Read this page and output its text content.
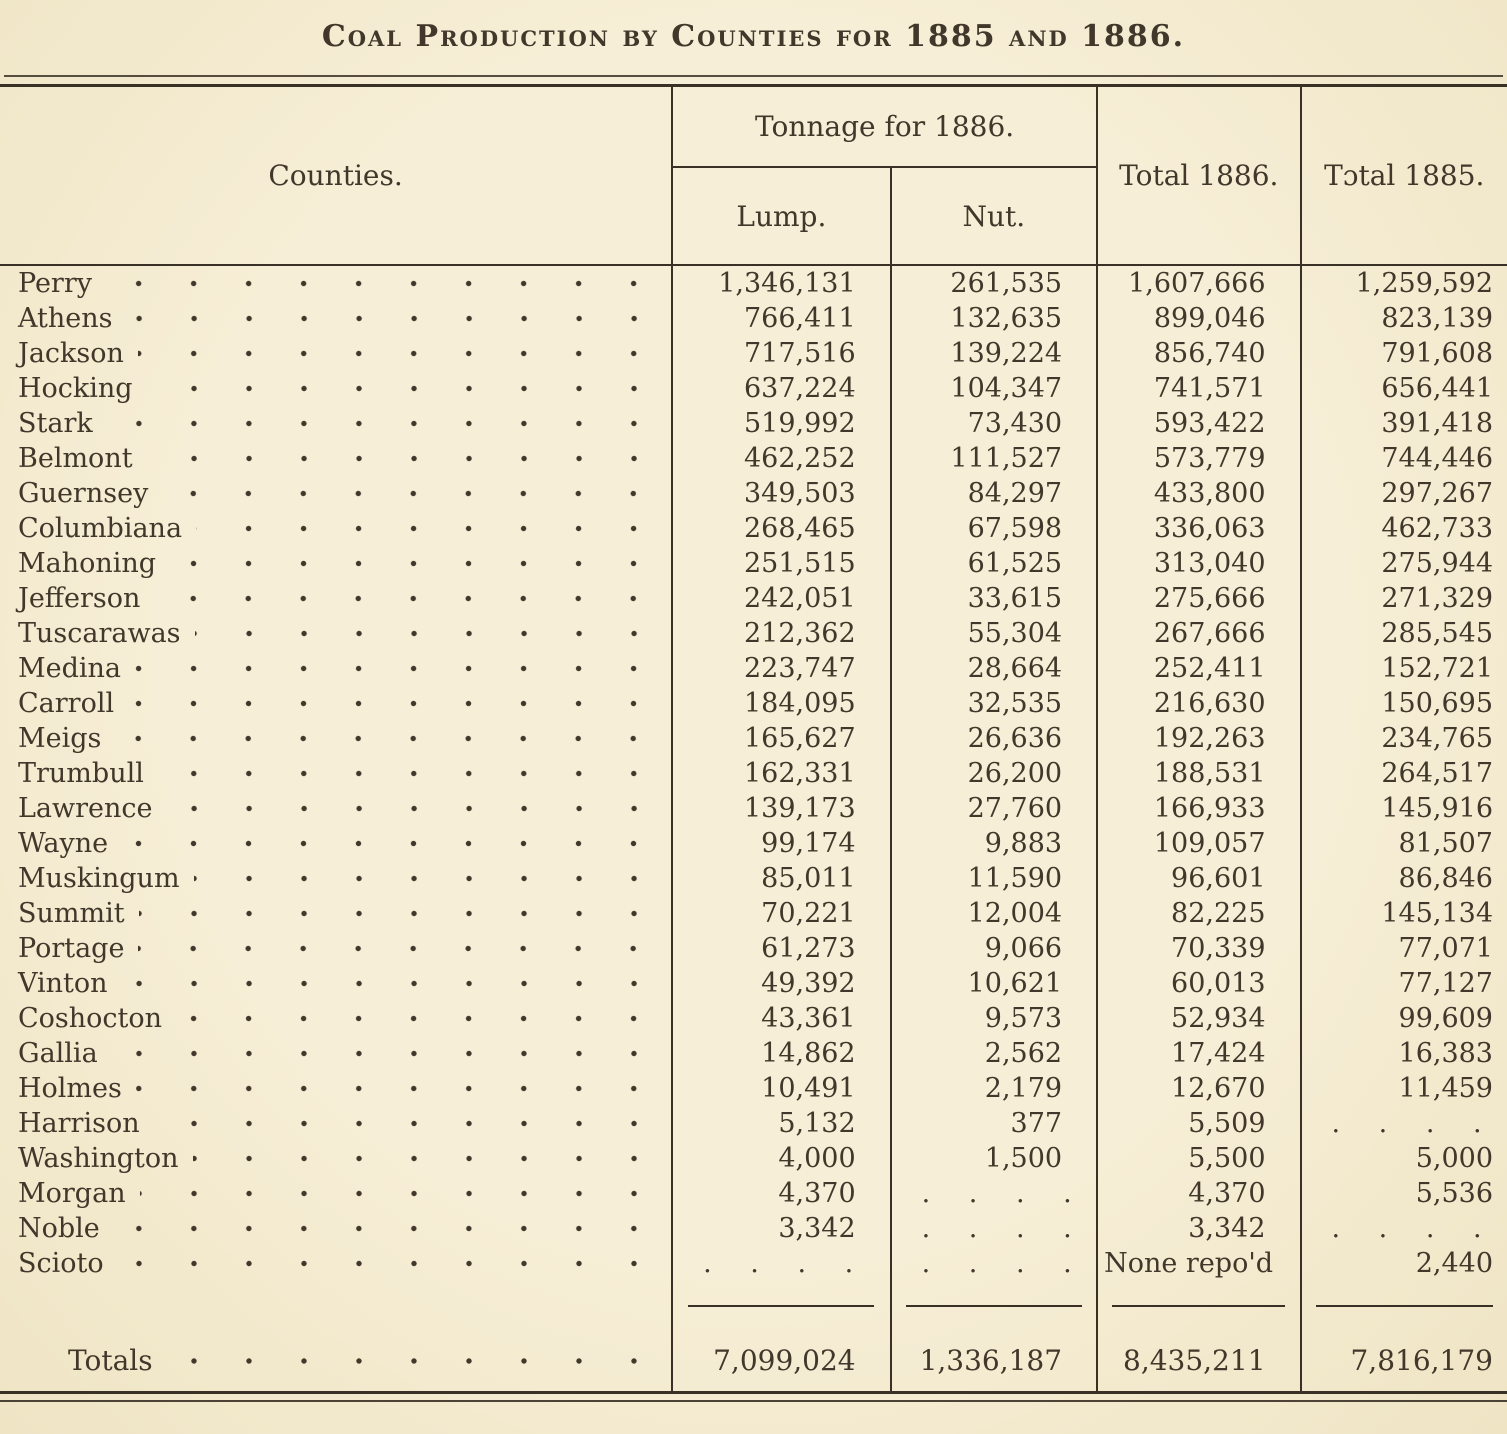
Coal Production by Counties for 1885 and 1886.
Counties.	Tonnage for 1886.		Total 1886.	Tɔtal 1885.
	Lump.	Nut.		

Perry	1,346,131	261,535	1,607,666	1,259,592

Athens	766,411	132,635	899,046	823,139

Jackson	717,516	139,224	856,740	791,608

Hocking	637,224	104,347	741,571	656,441

Stark	519,992	73,430	593,422	391,418

Belmont	462,252	111,527	573,779	744,446

Guernsey	349,503	84,297	433,800	297,267

Columbiana	268,465	67,598	336,063	462,733

Mahoning	251,515	61,525	313,040	275,944

Jefferson	242,051	33,615	275,666	271,329

Tuscarawas	212,362	55,304	267,666	285,545

Medina	223,747	28,664	252,411	152,721

Carroll	184,095	32,535	216,630	150,695

Meigs	165,627	26,636	192,263	234,765

Trumbull	162,331	26,200	188,531	264,517

Lawrence	139,173	27,760	166,933	145,916

Wayne	99,174	9,883	109,057	81,507

Muskingum	85,011	11,590	96,601	86,846

Summit	70,221	12,004	82,225	145,134

Portage	61,273	9,066	70,339	77,071

Vinton	49,392	10,621	60,013	77,127

Coshocton	43,361	9,573	52,934	99,609

Gallia	14,862	2,562	17,424	16,383

Holmes	10,491	2,179	12,670	11,459

Harrison	5,132	377	5,509	. . . .

Washington	4,000	1,500	5,500	5,000

Morgan	4,370	. . . .	4,370	5,536

Noble	3,342	. . . .	3,342	. . . .

Scioto	. . . .	. . . .	None repo'd	2,440

Totals	7,099,024	1,336,187	8,435,211	7,816,179
